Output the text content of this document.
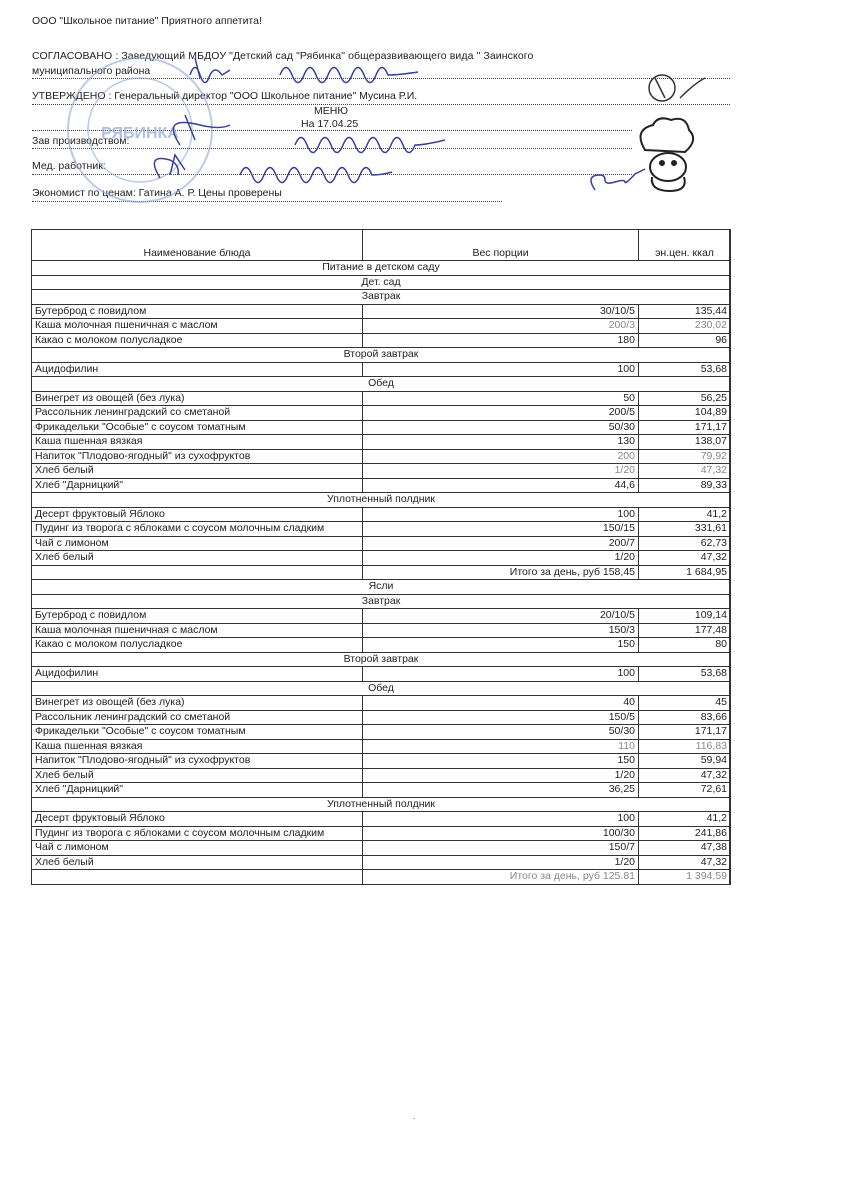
ООО "Школьное питание" Приятного аппетита!
СОГЛАСОВАНО : Заведующий МБДОУ "Детский сад "Рябинка" общеразвивающего вида " Заинского
муниципального района
УТВЕРЖДЕНО : Генеральный директор "ООО Школьное питание" Мусина Р.И.
МЕНЮ
На 17.04.25
Зав производством:
Мед. работник:
Экономист по ценам: Гатина А. Р. Цены проверены
РЯБИНКА
Наименование блюда	Вес порции	эн.цен. ккал
Питание в детском саду		
Дет. сад		
Завтрак		
Бутерброд с повидлом	30/10/5	135,44
Каша молочная пшеничная с маслом	200/3	230,02
Какао с молоком полусладкое	180	96
Второй завтрак		
Ацидофилин	100	53,68
Обед		
Винегрет из овощей (без лука)	50	56,25
Рассольник ленинградский со сметаной	200/5	104,89
Фрикадельки "Особые" с соусом томатным	50/30	171,17
Каша пшенная вязкая	130	138,07
Напиток "Плодово-ягодный" из сухофруктов	200	79,92
Хлеб белый	1/20	47,32
Хлеб "Дарницкий"	44,6	89,33
Уплотненный полдник		
Десерт фруктовый Яблоко	100	41,2
Пудинг из творога с яблоками с соусом молочным сладким	150/15	331,61
Чай с лимоном	200/7	62,73
Хлеб белый	1/20	47,32
	Итого за день, руб 158,45	1 684,95
Ясли		
Завтрак		
Бутерброд с повидлом	20/10/5	109,14
Каша молочная пшеничная с маслом	150/3	177,48
Какао с молоком полусладкое	150	80
Второй завтрак		
Ацидофилин	100	53,68
Обед		
Винегрет из овощей (без лука)	40	45
Рассольник ленинградский со сметаной	150/5	83,66
Фрикадельки "Особые" с соусом томатным	50/30	171,17
Каша пшенная вязкая	110	116,83
Напиток "Плодово-ягодный" из сухофруктов	150	59,94
Хлеб белый	1/20	47,32
Хлеб "Дарницкий"	36,25	72,61
Уплотненный полдник		
Десерт фруктовый Яблоко	100	41,2
Пудинг из творога с яблоками с соусом молочным сладким	100/30	241,86
Чай с лимоном	150/7	47,38
Хлеб белый	1/20	47,32
	Итого за день, руб 125.81	1 394,59
.
